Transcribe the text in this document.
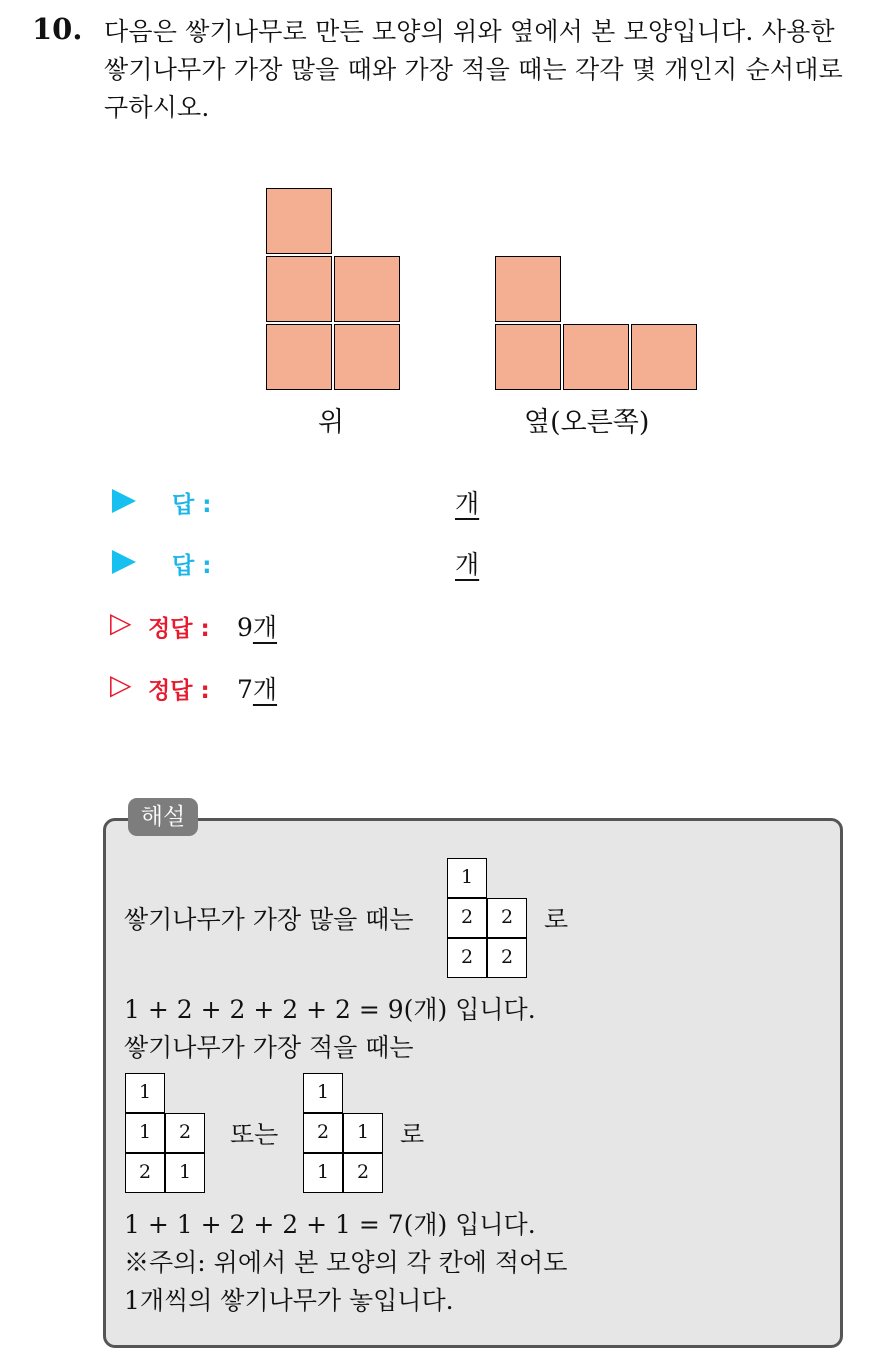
10. 다음은 쌓기나무로 만든 모양의 위와 옆에서 본 모양입니다. 사용한
쌓기나무가 가장 많을 때와 가장 적을 때는 각각 몇 개인지 순서대로
구하시오.
위	옆(오른쪽)
답 :	개
답 :	개
▷ 정답 : 9개
▷ 정답 : 7개
해설
쌓기나무가 가장 많을 때는
1
2	2
2	2
로
1 + 2 + 2 + 2 + 2 = 9(개) 입니다.
쌓기나무가 가장 적을 때는
1
1	2
2	1
또는
1
2	1
1	2
로
1 + 1 + 2 + 2 + 1 = 7(개) 입니다.
※주의: 위에서 본 모양의 각 칸에 적어도
1개씩의 쌓기나무가 놓입니다.
